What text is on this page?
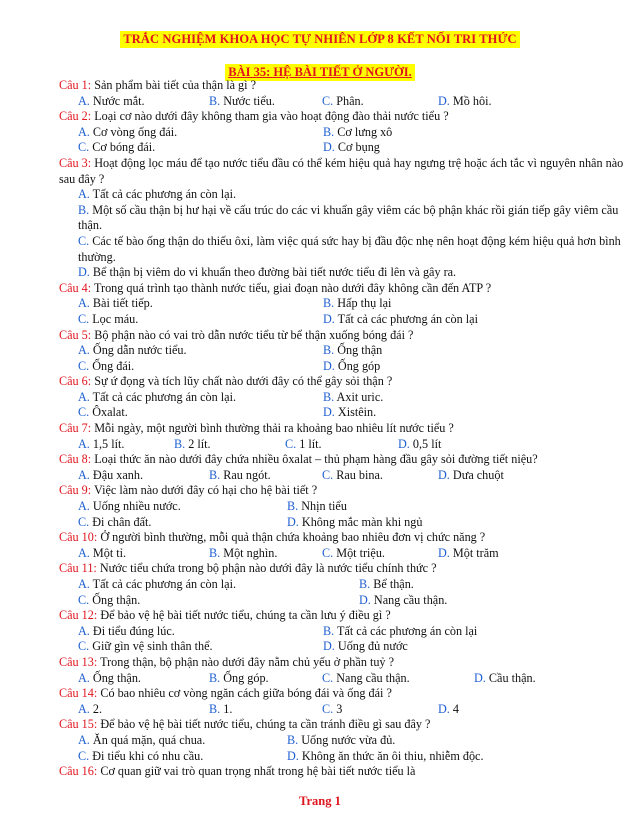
TRẮC NGHIỆM KHOA HỌC TỰ NHIÊN LỚP 8 KẾT NỐI TRI THỨC
BÀI 35: HỆ BÀI TIẾT Ở NGƯỜI.
Câu 1: Sản phẩm bài tiết của thận là gì ?
A. Nước mắt.	B. Nước tiểu.	C. Phân.	D. Mồ hôi.
Câu 2: Loại cơ nào dưới đây không tham gia vào hoạt động đào thải nước tiểu ?
A. Cơ vòng ống đái.	B. Cơ lưng xô
C. Cơ bóng đái.	D. Cơ bụng
Câu 3: Hoạt động lọc máu để tạo nước tiểu đầu có thể kém hiệu quả hay ngưng trệ hoặc ách tắc vì nguyên nhân nào sau đây ?
A. Tất cả các phương án còn lại.
B. Một số cầu thận bị hư hại về cấu trúc do các vi khuẩn gây viêm các bộ phận khác rồi gián tiếp gây viêm cầu thận.
C. Các tế bào ống thận do thiếu ôxi, làm việc quá sức hay bị đầu độc nhẹ nên hoạt động kém hiệu quả hơn bình thường.
D. Bể thận bị viêm do vi khuẩn theo đường bài tiết nước tiểu đi lên và gây ra.
Câu 4: Trong quá trình tạo thành nước tiểu, giai đoạn nào dưới đây không cần đến ATP ?
A. Bài tiết tiếp.	B. Hấp thụ lại
C. Lọc máu.	D. Tất cả các phương án còn lại
Câu 5: Bộ phận nào có vai trò dẫn nước tiểu từ bể thận xuống bóng đái ?
A. Ống dẫn nước tiểu.	B. Ống thận
C. Ống đái.	D. Ống góp
Câu 6: Sự ứ đọng và tích lũy chất nào dưới đây có thể gây sỏi thận ?
A. Tất cả các phương án còn lại.	B. Axit uric.
C. Ôxalat.	D. Xistêin.
Câu 7: Mỗi ngày, một người bình thường thải ra khoảng bao nhiêu lít nước tiểu ?
A. 1,5 lít.	B. 2 lít.	C. 1 lít.	D. 0,5 lít
Câu 8: Loại thức ăn nào dưới đây chứa nhiều ôxalat – thủ phạm hàng đầu gây sỏi đường tiết niệu?
A. Đậu xanh.	B. Rau ngót.	C. Rau bina.	D. Dưa chuột
Câu 9: Việc làm nào dưới đây có hại cho hệ bài tiết ?
A. Uống nhiều nước.	B. Nhịn tiểu
C. Đi chân đất.	D. Không mắc màn khi ngủ
Câu 10: Ở người bình thường, mỗi quả thận chứa khoảng bao nhiêu đơn vị chức năng ?
A. Một tỉ.	B. Một nghìn.	C. Một triệu.	D. Một trăm
Câu 11: Nước tiểu chứa trong bộ phận nào dưới đây là nước tiểu chính thức ?
A. Tất cả các phương án còn lại.	B. Bể thận.
C. Ống thận.	D. Nang cầu thận.
Câu 12: Để bảo vệ hệ bài tiết nước tiểu, chúng ta cần lưu ý điều gì ?
A. Đi tiểu đúng lúc.	B. Tất cả các phương án còn lại
C. Giữ gìn vệ sinh thân thể.	D. Uống đủ nước
Câu 13: Trong thận, bộ phận nào dưới đây nằm chủ yếu ở phần tuỷ ?
A. Ống thận.	B. Ống góp.	C. Nang cầu thận.	D. Cầu thận.
Câu 14: Có bao nhiêu cơ vòng ngăn cách giữa bóng đái và ống đái ?
A. 2.	B. 1.	C. 3	D. 4
Câu 15: Để bảo vệ hệ bài tiết nước tiểu, chúng ta cần tránh điều gì sau đây ?
A. Ăn quá mặn, quá chua.	B. Uống nước vừa đủ.
C. Đi tiểu khi có nhu cầu.	D. Không ăn thức ăn ôi thiu, nhiễm độc.
Câu 16: Cơ quan giữ vai trò quan trọng nhất trong hệ bài tiết nước tiểu là
Trang 1
